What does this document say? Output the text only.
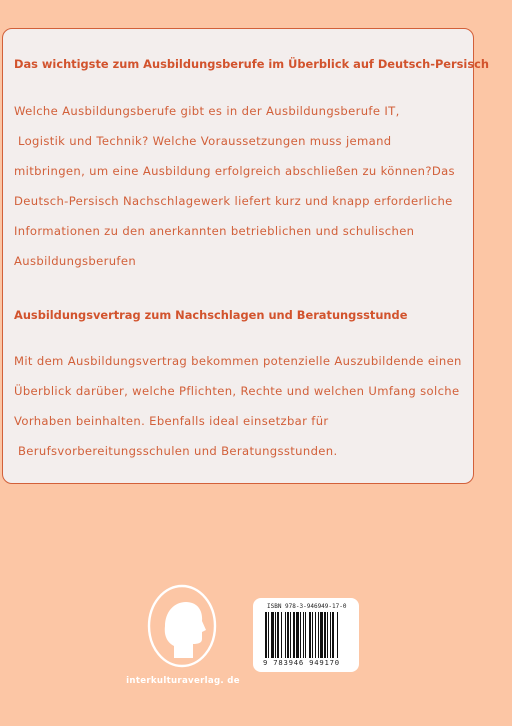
Das wichtigste zum Ausbildungsberufe im Überblick auf Deutsch-Persisch
Welche Ausbildungsberufe gibt es in der Ausbildungsberufe IT,
Logistik und Technik? Welche Voraussetzungen muss jemand
mitbringen, um eine Ausbildung erfolgreich abschließen zu können?Das
Deutsch-Persisch Nachschlagewerk liefert kurz und knapp erforderliche
Informationen zu den anerkannten betrieblichen und schulischen
Ausbildungsberufen
Ausbildungsvertrag zum Nachschlagen und Beratungsstunde
Mit dem Ausbildungsvertrag bekommen potenzielle Auszubildende einen
Überblick darüber, welche Pflichten, Rechte und welchen Umfang solche
Vorhaben beinhalten. Ebenfalls ideal einsetzbar für
Berufsvorbereitungsschulen und Beratungsstunden.
interkulturaverlag. de
ISBN 978-3-946949-17-0
9 783946 949170
